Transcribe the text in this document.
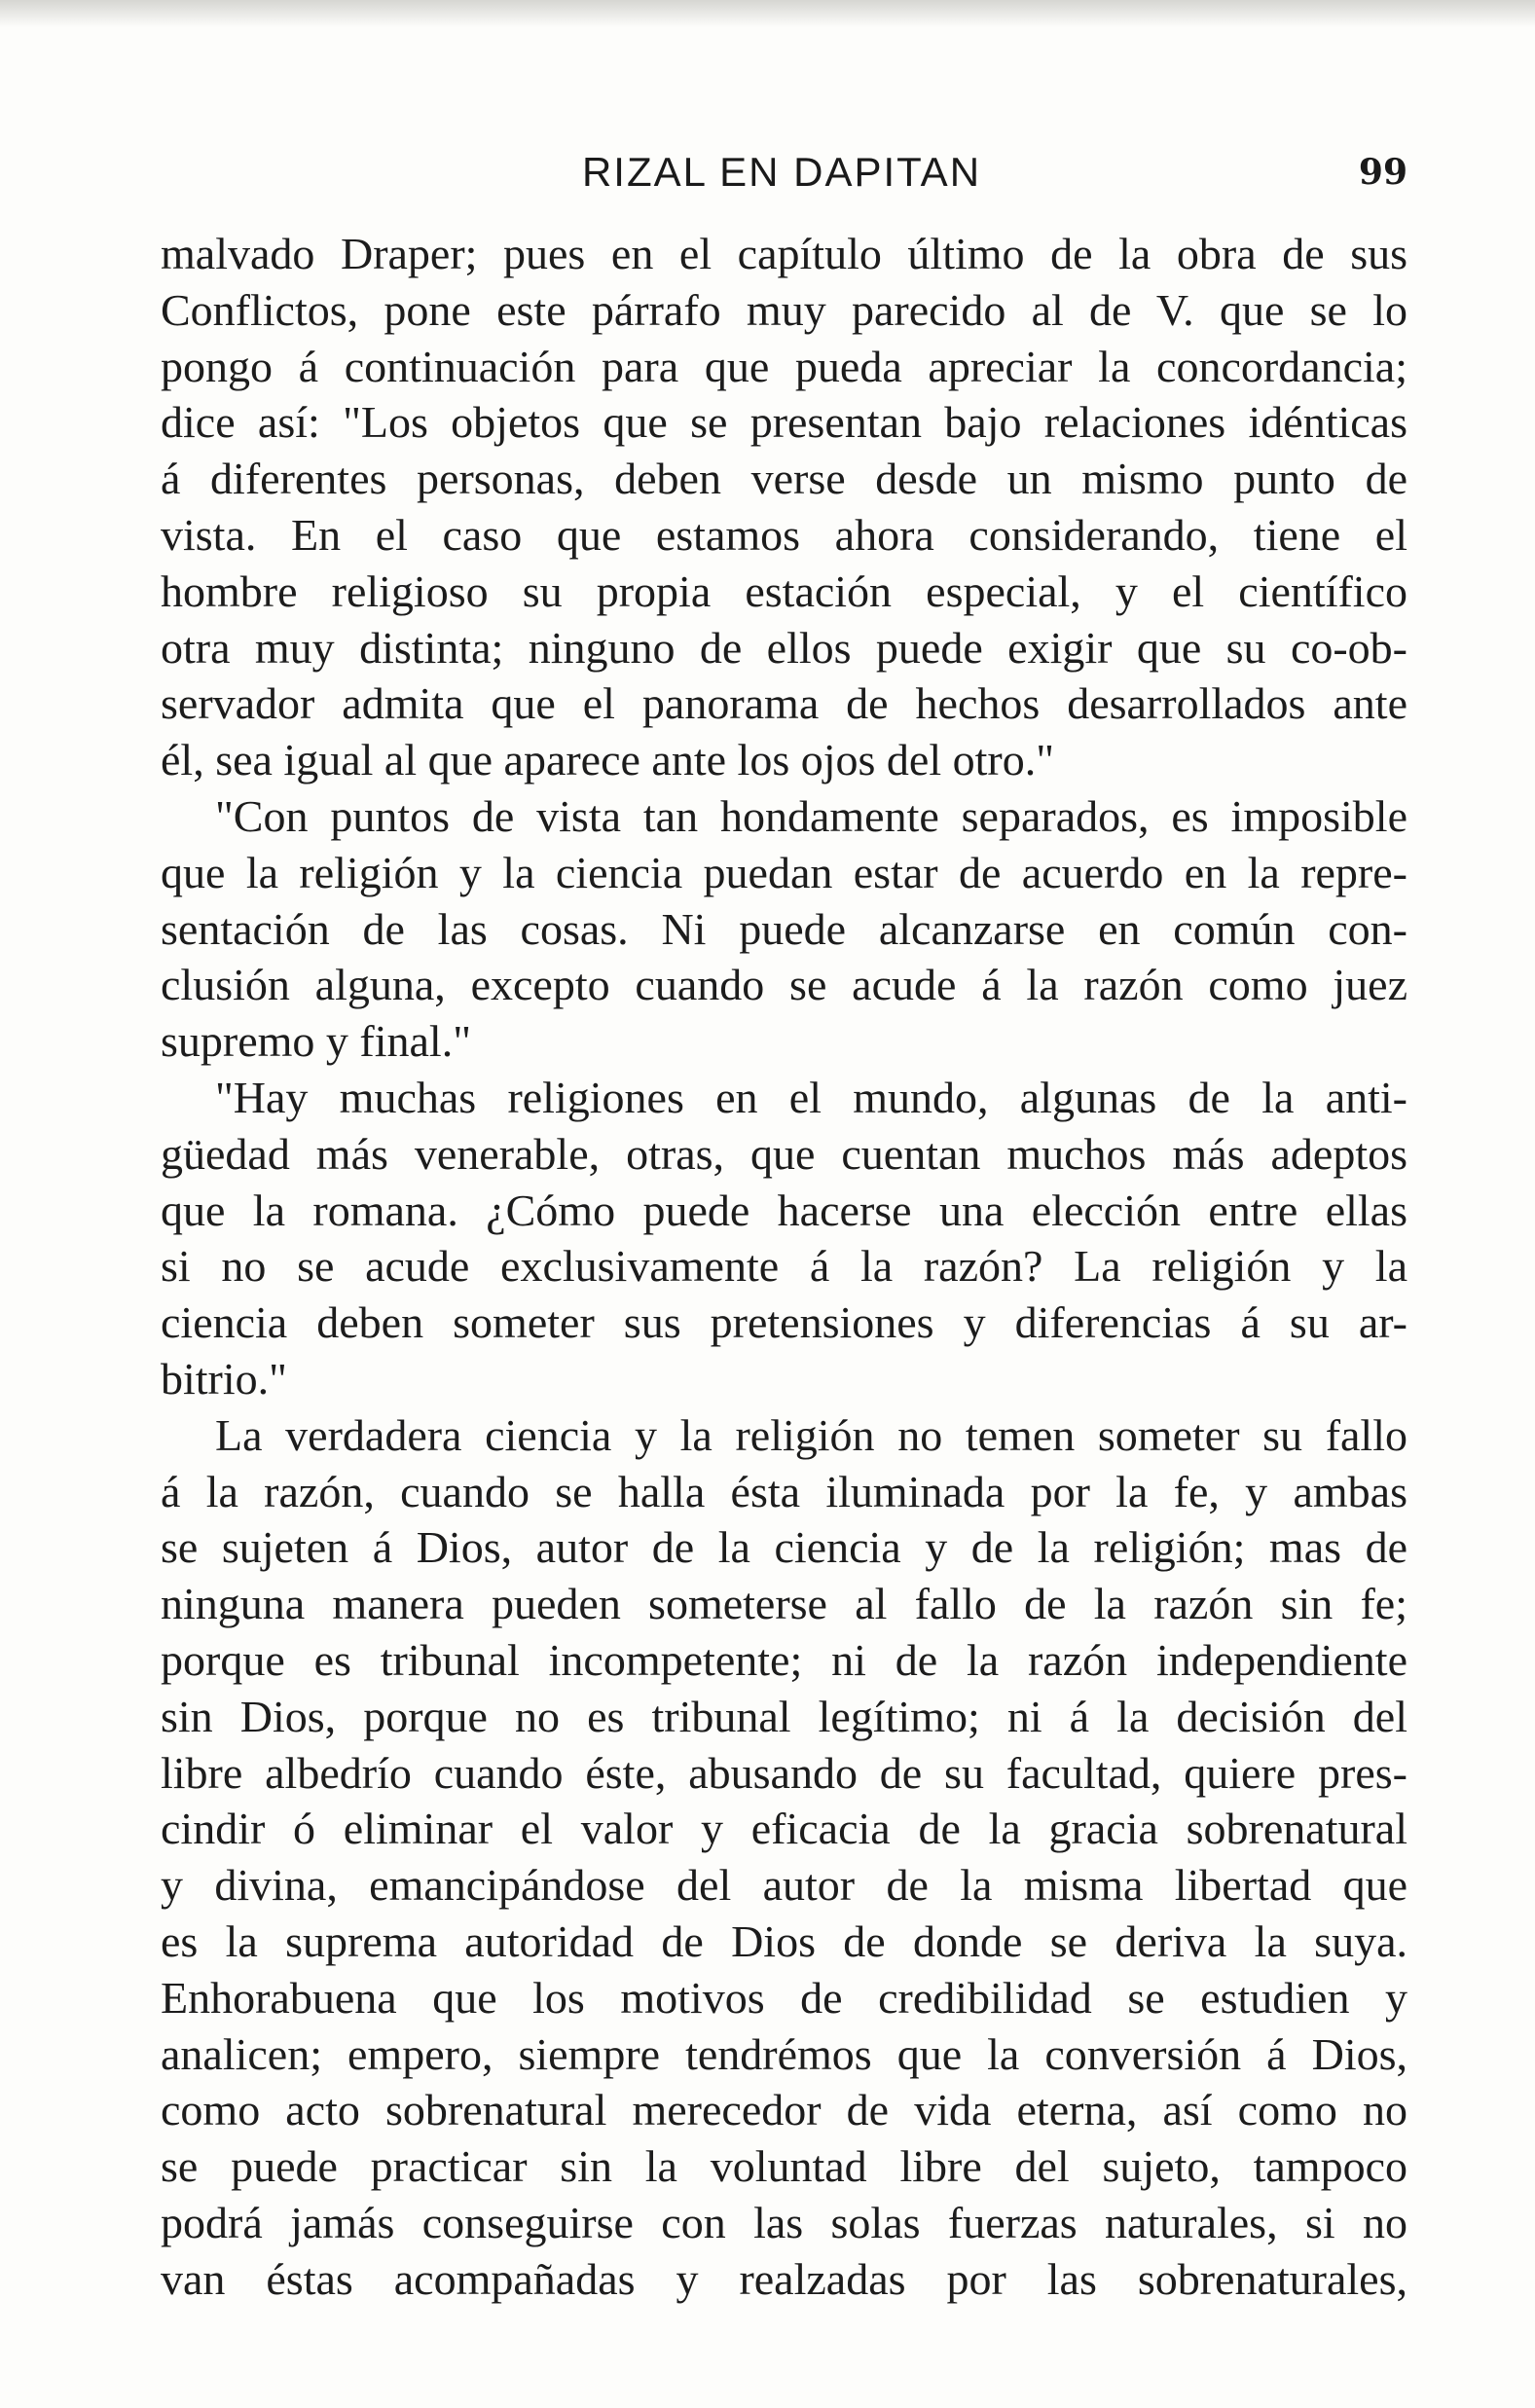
RIZAL EN DAPITAN	99
malvado Draper; pues en el capítulo último de la obra de sus
Conflictos, pone este párrafo muy parecido al de V. que se lo
pongo á continuación para que pueda apreciar la concordancia;
dice así: "Los objetos que se presentan bajo relaciones idénticas
á diferentes personas, deben verse desde un mismo punto de
vista. En el caso que estamos ahora considerando, tiene el
hombre religioso su propia estación especial, y el científico
otra muy distinta; ninguno de ellos puede exigir que su co-ob-
servador admita que el panorama de hechos desarrollados ante
él, sea igual al que aparece ante los ojos del otro."
"Con puntos de vista tan hondamente separados, es imposible
que la religión y la ciencia puedan estar de acuerdo en la repre-
sentación de las cosas. Ni puede alcanzarse en común con-
clusión alguna, excepto cuando se acude á la razón como juez
supremo y final."
"Hay muchas religiones en el mundo, algunas de la anti-
güedad más venerable, otras, que cuentan muchos más adeptos
que la romana. ¿Cómo puede hacerse una elección entre ellas
si no se acude exclusivamente á la razón? La religión y la
ciencia deben someter sus pretensiones y diferencias á su ar-
bitrio."
La verdadera ciencia y la religión no temen someter su fallo
á la razón, cuando se halla ésta iluminada por la fe, y ambas
se sujeten á Dios, autor de la ciencia y de la religión; mas de
ninguna manera pueden someterse al fallo de la razón sin fe;
porque es tribunal incompetente; ni de la razón independiente
sin Dios, porque no es tribunal legítimo; ni á la decisión del
libre albedrío cuando éste, abusando de su facultad, quiere pres-
cindir ó eliminar el valor y eficacia de la gracia sobrenatural
y divina, emancipándose del autor de la misma libertad que
es la suprema autoridad de Dios de donde se deriva la suya.
Enhorabuena que los motivos de credibilidad se estudien y
analicen; empero, siempre tendrémos que la conversión á Dios,
como acto sobrenatural merecedor de vida eterna, así como no
se puede practicar sin la voluntad libre del sujeto, tampoco
podrá jamás conseguirse con las solas fuerzas naturales, si no
van éstas acompañadas y realzadas por las sobrenaturales,
